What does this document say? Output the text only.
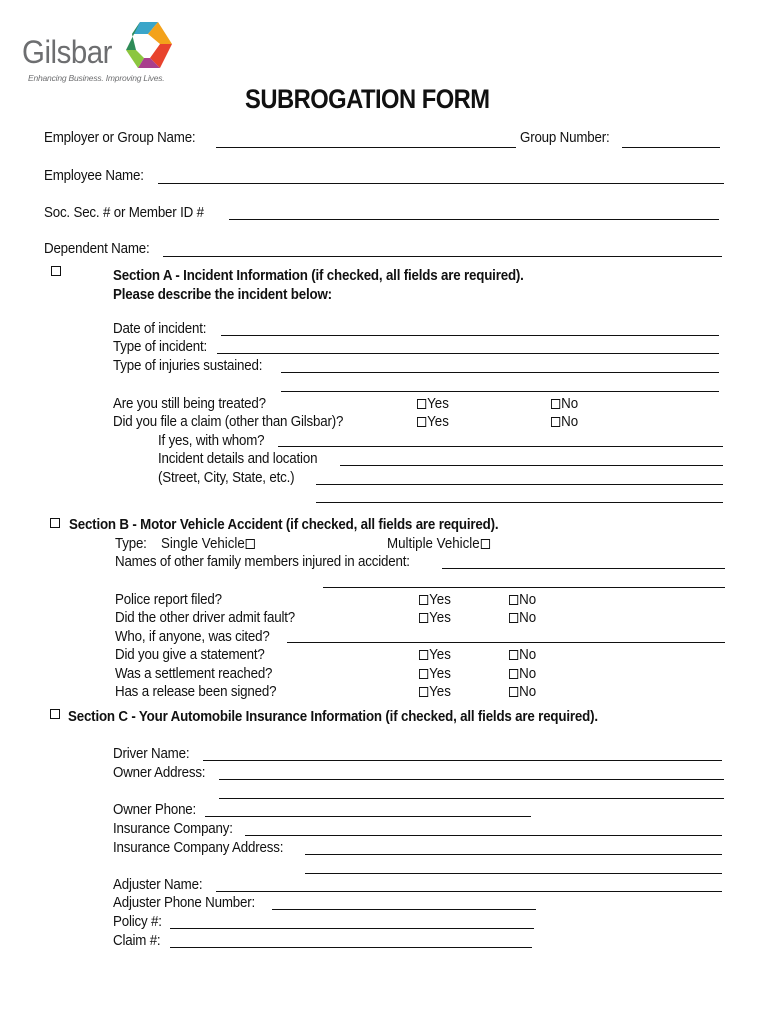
Gilsbar
Enhancing Business. Improving Lives.
SUBROGATION FORM
Employer or Group Name:	Group Number:
Employee Name:
Soc. Sec. # or Member ID #
Dependent Name:
Section A - Incident Information (if checked, all fields are required).
Please describe the incident below:
Date of incident:
Type of incident:
Type of injuries sustained:
Are you still being treated?	Yes	No
Did you file a claim (other than Gilsbar)?	Yes	No
If yes, with whom?
Incident details and location
(Street, City, State, etc.)
Section B - Motor Vehicle Accident (if checked, all fields are required).
Type: Single Vehicle	Multiple Vehicle
Names of other family members injured in accident:
Police report filed?	Yes	No
Did the other driver admit fault?	Yes	No
Who, if anyone, was cited?
Did you give a statement?	Yes	No
Was a settlement reached?	Yes	No
Has a release been signed?	Yes	No
Section C - Your Automobile Insurance Information (if checked, all fields are required).
Driver Name:
Owner Address:
Owner Phone:
Insurance Company:
Insurance Company Address:
Adjuster Name:
Adjuster Phone Number:
Policy #:
Claim #:
